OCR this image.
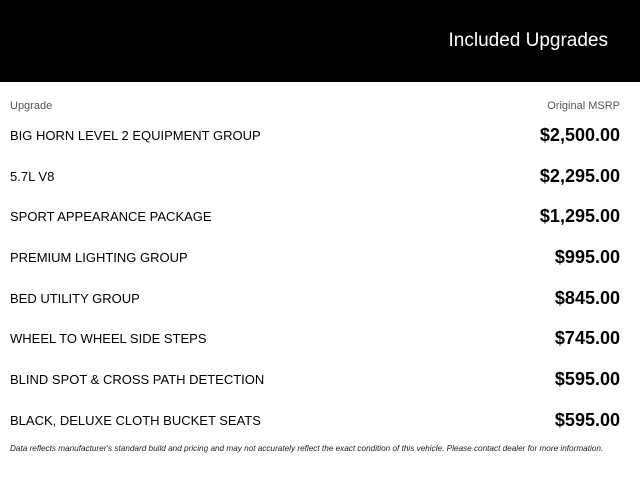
Included Upgrades
Upgrade	Original MSRP
BIG HORN LEVEL 2 EQUIPMENT GROUP	$2,500.00
5.7L V8	$2,295.00
SPORT APPEARANCE PACKAGE	$1,295.00
PREMIUM LIGHTING GROUP	$995.00
BED UTILITY GROUP	$845.00
WHEEL TO WHEEL SIDE STEPS	$745.00
BLIND SPOT & CROSS PATH DETECTION	$595.00
BLACK, DELUXE CLOTH BUCKET SEATS	$595.00
Data reflects manufacturer's standard build and pricing and may not accurately reflect the exact condition of this vehicle. Please contact dealer for more information.
